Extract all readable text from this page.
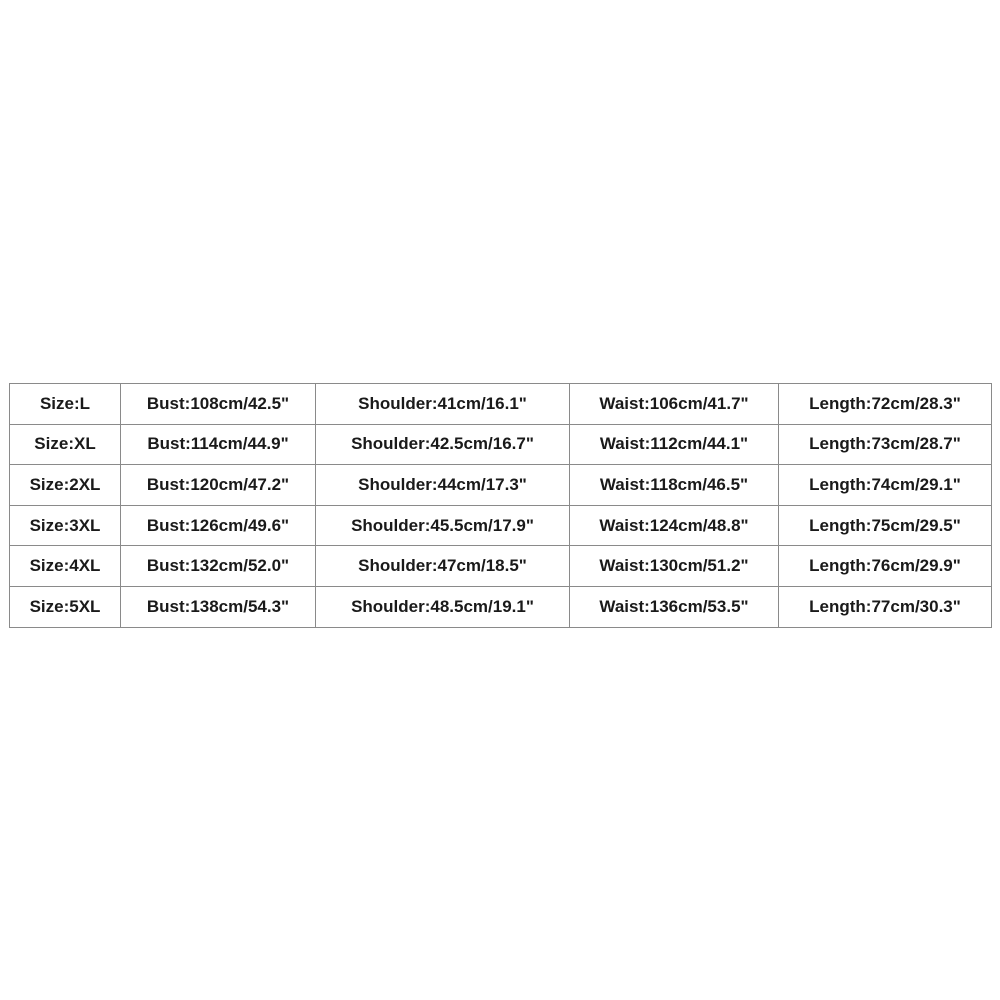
Size:L	Bust:108cm/42.5"	Shoulder:41cm/16.1"	Waist:106cm/41.7"	Length:72cm/28.3"
Size:XL	Bust:114cm/44.9"	Shoulder:42.5cm/16.7"	Waist:112cm/44.1"	Length:73cm/28.7"
Size:2XL	Bust:120cm/47.2"	Shoulder:44cm/17.3"	Waist:118cm/46.5"	Length:74cm/29.1"
Size:3XL	Bust:126cm/49.6"	Shoulder:45.5cm/17.9"	Waist:124cm/48.8"	Length:75cm/29.5"
Size:4XL	Bust:132cm/52.0"	Shoulder:47cm/18.5"	Waist:130cm/51.2"	Length:76cm/29.9"
Size:5XL	Bust:138cm/54.3"	Shoulder:48.5cm/19.1"	Waist:136cm/53.5"	Length:77cm/30.3"
